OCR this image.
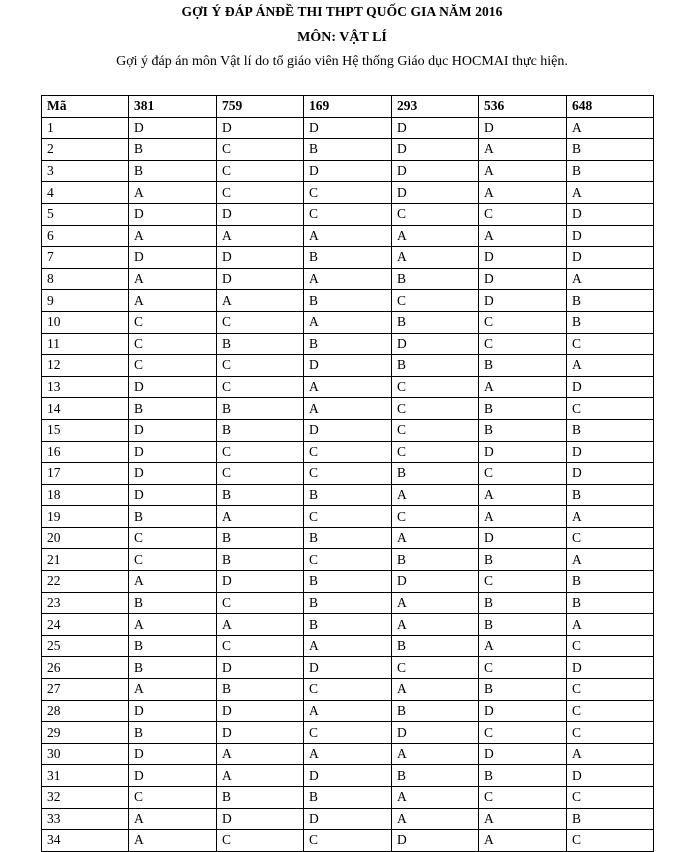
GỢI Ý ĐÁP ÁNĐỀ THI THPT QUỐC GIA NĂM 2016
MÔN: VẬT LÍ
Gợi ý đáp án môn Vật lí do tổ giáo viên Hệ thống Giáo dục HOCMAI thực hiện.
Mã	381	759	169	293	536	648
1	D	D	D	D	D	A
2	B	C	B	D	A	B
3	B	C	D	D	A	B
4	A	C	C	D	A	A
5	D	D	C	C	C	D
6	A	A	A	A	A	D
7	D	D	B	A	D	D
8	A	D	A	B	D	A
9	A	A	B	C	D	B
10	C	C	A	B	C	B
11	C	B	B	D	C	C
12	C	C	D	B	B	A
13	D	C	A	C	A	D
14	B	B	A	C	B	C
15	D	B	D	C	B	B
16	D	C	C	C	D	D
17	D	C	C	B	C	D
18	D	B	B	A	A	B
19	B	A	C	C	A	A
20	C	B	B	A	D	C
21	C	B	C	B	B	A
22	A	D	B	D	C	B
23	B	C	B	A	B	B
24	A	A	B	A	B	A
25	B	C	A	B	A	C
26	B	D	D	C	C	D
27	A	B	C	A	B	C
28	D	D	A	B	D	C
29	B	D	C	D	C	C
30	D	A	A	A	D	A
31	D	A	D	B	B	D
32	C	B	B	A	C	C
33	A	D	D	A	A	B
34	A	C	C	D	A	C
